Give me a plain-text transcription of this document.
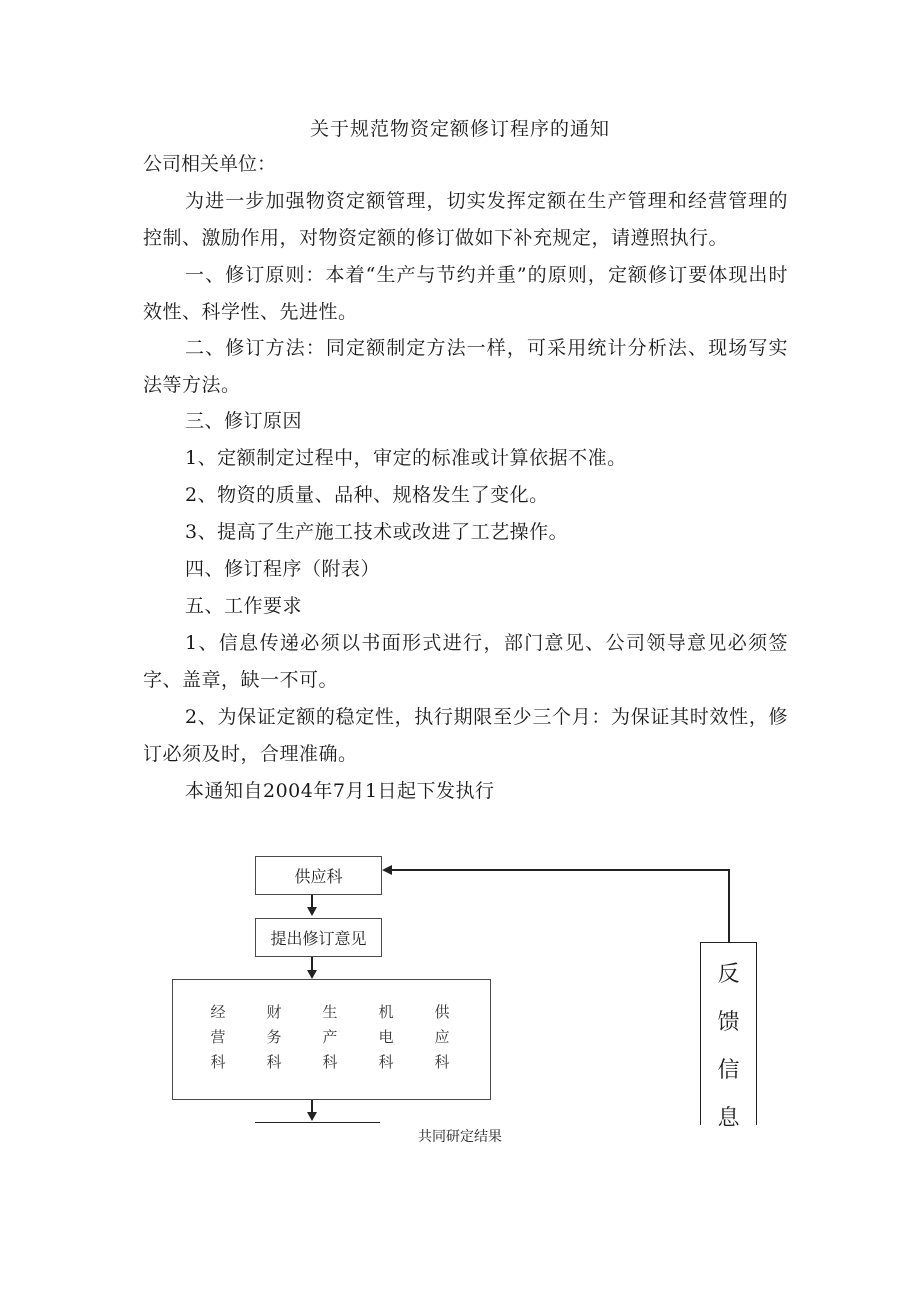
关于规范物资定额修订程序的通知
公司相关单位：
为进一步加强物资定额管理，切实发挥定额在生产管理和经营管理的控制、激励作用，对物资定额的修订做如下补充规定，请遵照执行。
一、修订原则：本着“生产与节约并重”的原则，定额修订要体现出时效性、科学性、先进性。
二、修订方法：同定额制定方法一样，可采用统计分析法、现场写实法等方法。
三、修订原因
1、定额制定过程中，审定的标准或计算依据不准。
2、物资的质量、品种、规格发生了变化。
3、提高了生产施工技术或改进了工艺操作。
四、修订程序（附表）
五、工作要求
1、信息传递必须以书面形式进行，部门意见、公司领导意见必须签字、盖章，缺一不可。
2、为保证定额的稳定性，执行期限至少三个月：为保证其时效性，修订必须及时，合理准确。
本通知自2004年7月1日起下发执行
供应科
提出修订意见
经
营
科
财
务
科
生
产
科
机
电
科
供
应
科
反
馈
信
息
共同研定结果
